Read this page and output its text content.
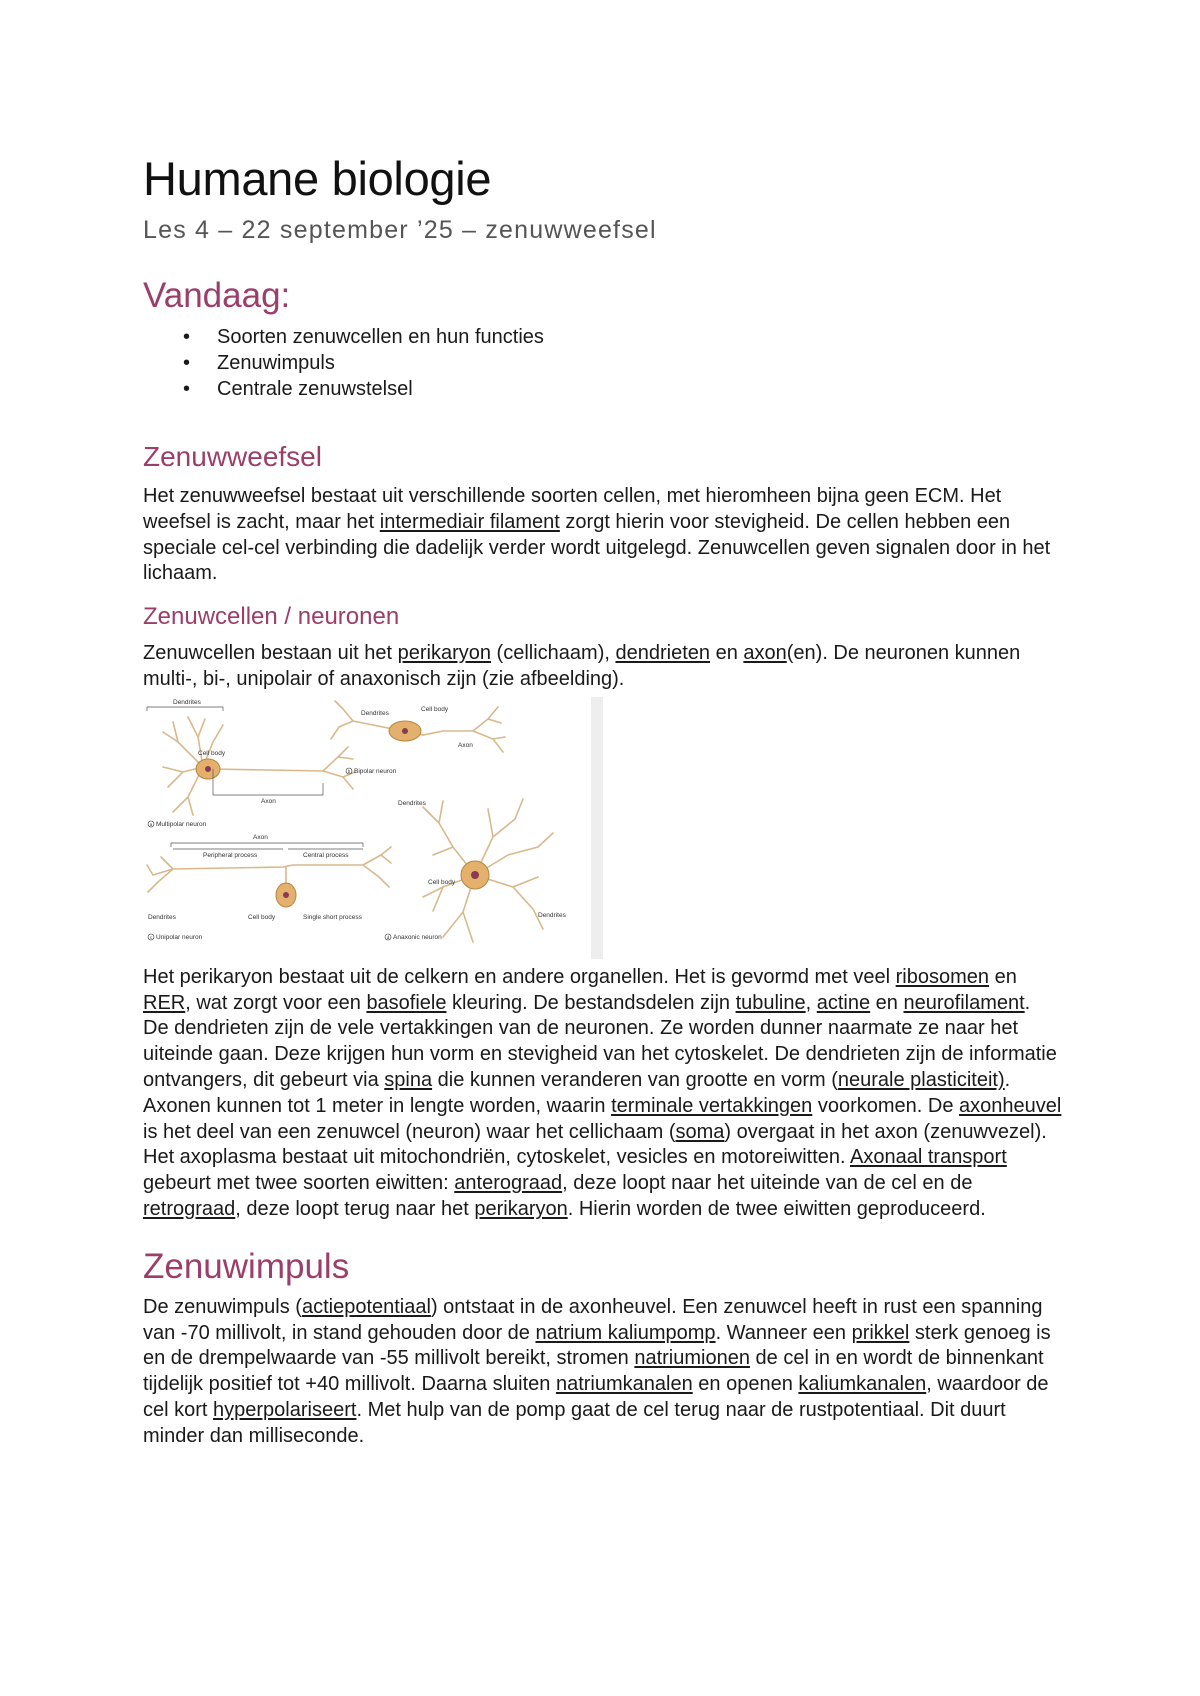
Humane biologie
Les 4 – 22 september ’25 – zenuwweefsel
Vandaag:
• Soorten zenuwcellen en hun functies
• Zenuwimpuls
• Centrale zenuwstelsel
Zenuwweefsel

Het zenuwweefsel bestaat uit verschillende soorten cellen, met hieromheen bijna geen ECM. Het weefsel is zacht, maar het intermediair filament zorgt hierin voor stevigheid. De cellen hebben een speciale cel-cel verbinding die dadelijk verder wordt uitgelegd. Zenuwcellen geven signalen door in het lichaam.

Zenuwcellen / neuronen

Zenuwcellen bestaan uit het perikaryon (cellichaam), dendrieten en axon(en). De neuronen kunnen multi-, bi-, unipolair of anaxonisch zijn (zie afbeelding).

Dendrites
Cell body
Axon
Multipolar neuron
Dendrites
Cell body
Axon
Bipolar neuron
Axon
Peripheral process	Central process
Dendrites	Cell body	Single short process
Unipolar neuron
Dendrites
Cell body
Dendrites
Anaxonic neuron
a
b
c	d

Het perikaryon bestaat uit de celkern en andere organellen. Het is gevormd met veel ribosomen en RER, wat zorgt voor een basofiele kleuring. De bestandsdelen zijn tubuline, actine en neurofilament.

De dendrieten zijn de vele vertakkingen van de neuronen. Ze worden dunner naarmate ze naar het uiteinde gaan. Deze krijgen hun vorm en stevigheid van het cytoskelet. De dendrieten zijn de informatie ontvangers, dit gebeurt via spina die kunnen veranderen van grootte en vorm (neurale plasticiteit).

Axonen kunnen tot 1 meter in lengte worden, waarin terminale vertakkingen voorkomen. De axonheuvel is het deel van een zenuwcel (neuron) waar het cellichaam (soma) overgaat in het axon (zenuwvezel). Het axoplasma bestaat uit mitochondriën, cytoskelet, vesicles en motoreiwitten. Axonaal transport gebeurt met twee soorten eiwitten: anterograad, deze loopt naar het uiteinde van de cel en de retrograad, deze loopt terug naar het perikaryon. Hierin worden de twee eiwitten geproduceerd.

Zenuwimpuls

De zenuwimpuls (actiepotentiaal) ontstaat in de axonheuvel. Een zenuwcel heeft in rust een spanning van -70 millivolt, in stand gehouden door de natrium kaliumpomp. Wanneer een prikkel sterk genoeg is en de drempelwaarde van -55 millivolt bereikt, stromen natriumionen de cel in en wordt de binnenkant tijdelijk positief tot +40 millivolt. Daarna sluiten natriumkanalen en openen kaliumkanalen, waardoor de cel kort hyperpolariseert. Met hulp van de pomp gaat de cel terug naar de rustpotentiaal. Dit duurt minder dan milliseconde.
